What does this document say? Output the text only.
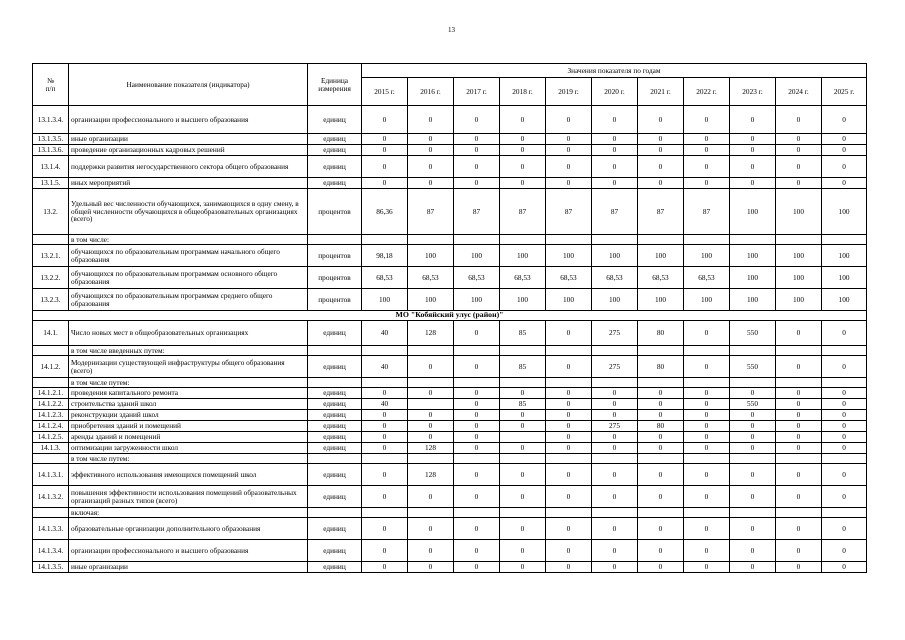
13
№
п/п	Наименование показателя (индикатора)	Единица
измерения	Значения показателя по годам										
			2015 г.	2016 г.	2017 г.	2018 г.	2019 г.	2020 г.	2021 г.	2022 г.	2023 г.	2024 г.	2025 г.
13.1.3.4.	организации профессионального и высшего образования	единиц	0	0	0	0	0	0	0	0	0	0	0
13.1.3.5.	иные организации	единиц	0	0	0	0	0	0	0	0	0	0	0
13.1.3.6.	проведение организационных кадровых решений	единиц	0	0	0	0	0	0	0	0	0	0	0
13.1.4.	поддержки развития негосударственного сектора общего образования	единиц	0	0	0	0	0	0	0	0	0	0	0
13.1.5.	иных мероприятий	единиц	0	0	0	0	0	0	0	0	0	0	0
13.2.	Удельный вес численности обучающихся, занимающихся в одну смену, в общей численности обучающихся в общеобразовательных организациях (всего)	процентов	86,36	87	87	87	87	87	87	87	100	100	100
	в том числе:												
13.2.1.	обучающихся по образовательным программам начального общего образования	процентов	98,18	100	100	100	100	100	100	100	100	100	100
13.2.2.	обучающихся по образовательным программам основного общего образования	процентов	68,53	68,53	68,53	68,53	68,53	68,53	68,53	68,53	100	100	100
13.2.3.	обучающихся по образовательным программам среднего общего образования	процентов	100	100	100	100	100	100	100	100	100	100	100
МО "Кобяйский улус (район)"													
14.1.	Число новых мест в общеобразовательных организациях	единиц	40	128	0	85	0	275	80	0	550	0	0
	в том числе введенных путем:												
14.1.2.	Модернизации существующей инфраструктуры общего образования (всего)	единиц	40	0	0	85	0	275	80	0	550	0	0
	в том числе путем:												
14.1.2.1.	проведения капитального ремонта	единиц	0	0	0	0	0	0	0	0	0	0	0
14.1.2.2.	строительства зданий школ	единиц	40		0	85	0	0	0	0	550	0	0
14.1.2.3.	реконструкции зданий школ	единиц	0	0	0	0	0	0	0	0	0	0	0
14.1.2.4.	приобретения зданий и помещений	единиц	0	0	0	0	0	275	80	0	0	0	0
14.1.2.5.	аренды зданий и помещений	единиц	0	0	0		0	0	0	0	0	0	0
14.1.3.	оптимизации загруженности школ	единиц	0	128	0	0	0	0	0	0	0	0	0
	в том числе путем:												
14.1.3.1.	эффективного использования имеющихся помещений школ	единиц	0	128	0	0	0	0	0	0	0	0	0
14.1.3.2.	повышения эффективности использования помещений образовательных организаций разных типов (всего)	единиц	0	0	0	0	0	0	0	0	0	0	0
	включая:												
14.1.3.3.	образовательные организации дополнительного образования	единиц	0	0	0	0	0	0	0	0	0	0	0
14.1.3.4.	организации профессионального и высшего образования	единиц	0	0	0	0	0	0	0	0	0	0	0
14.1.3.5.	иные организации	единиц	0	0	0	0	0	0	0	0	0	0	0
